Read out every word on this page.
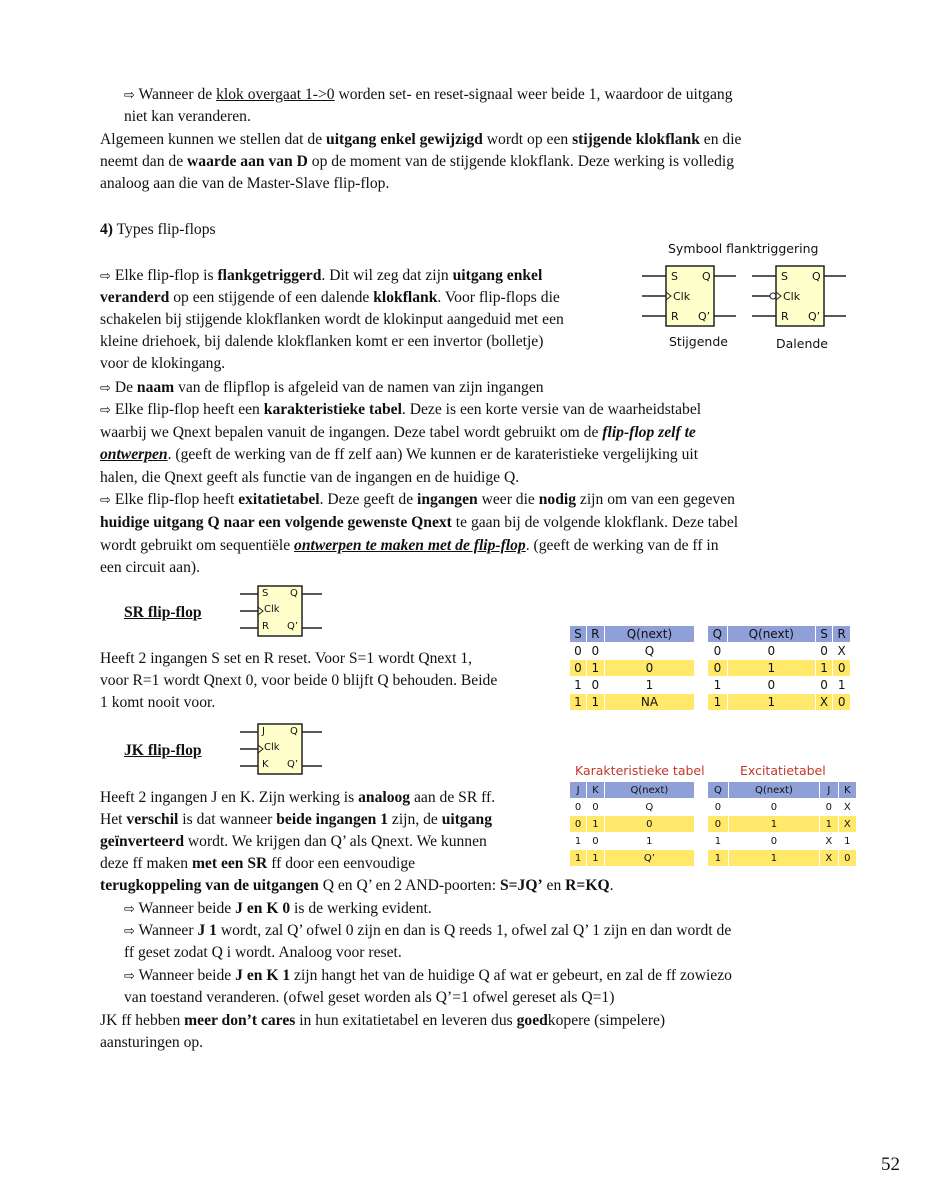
⇨ Wanneer de klok overgaat 1->0 worden set- en reset-signaal weer beide 1, waardoor de uitgang
niet kan veranderen.
Algemeen kunnen we stellen dat de uitgang enkel gewijzigd wordt op een stijgende klokflank en die
neemt dan de waarde aan van D op de moment van de stijgende klokflank. Deze werking is volledig
analoog aan die van de Master-Slave flip-flop.
4) Types flip-flops
Symbool flanktriggering
S Q
Clk
R Q’
S Q
Clk
R Q’
Stijgende	Dalende
⇨ Elke flip-flop is flankgetriggerd. Dit wil zeg dat zijn uitgang enkel
veranderd op een stijgende of een dalende klokflank. Voor flip-flops die
schakelen bij stijgende klokflanken wordt de klokinput aangeduid met een
kleine driehoek, bij dalende klokflanken komt er een invertor (bolletje)
voor de klokingang.
⇨ De naam van de flipflop is afgeleid van de namen van zijn ingangen
⇨ Elke flip-flop heeft een karakteristieke tabel. Deze is een korte versie van de waarheidstabel
waarbij we Qnext bepalen vanuit de ingangen. Deze tabel wordt gebruikt om de flip-flop zelf te
ontwerpen. (geeft de werking van de ff zelf aan) We kunnen er de karateristieke vergelijking uit
halen, die Qnext geeft als functie van de ingangen en de huidige Q.
⇨ Elke flip-flop heeft exitatietabel. Deze geeft de ingangen weer die nodig zijn om van een gegeven
huidige uitgang Q naar een volgende gewenste Qnext te gaan bij de volgende klokflank. Deze tabel
wordt gebruikt om sequentiële ontwerpen te maken met de flip-flop. (geeft de werking van de ff in
een circuit aan).
SR flip-flop
S Q
Clk
R Q’
S	R	Q(next)
0	0	Q
0	1	0
1	0	1
1	1	NA
Q	Q(next)	S	R
0	0	0	X
0	1	1	0
1	0	0	1
1	1	X	0
Heeft 2 ingangen S set en R reset. Voor S=1 wordt Qnext 1,
voor R=1 wordt Qnext 0, voor beide 0 blijft Q behouden. Beide
1 komt nooit voor.
JK flip-flop
J	Q
Clk
K Q’	Karakteristieke tabel	Excitatietabel
J	K	Q(next)
0	0	Q
0	1	0
1	0	1
1	1	Q’
Q	Q(next)	J	K
0	0	0	X
0	1	1	X
1	0	X	1
1	1	X	0
Heeft 2 ingangen J en K. Zijn werking is analoog aan de SR ff.
Het verschil is dat wanneer beide ingangen 1 zijn, de uitgang
geïnverteerd wordt. We krijgen dan Q’ als Qnext. We kunnen
deze ff maken met een SR ff door een eenvoudige
terugkoppeling van de uitgangen Q en Q’ en 2 AND-poorten: S=JQ’ en R=KQ.
⇨ Wanneer beide J en K 0 is de werking evident.
⇨ Wanneer J 1 wordt, zal Q’ ofwel 0 zijn en dan is Q reeds 1, ofwel zal Q’ 1 zijn en dan wordt de
ff geset zodat Q i wordt. Analoog voor reset.
⇨ Wanneer beide J en K 1 zijn hangt het van de huidige Q af wat er gebeurt, en zal de ff zowiezo
van toestand veranderen. (ofwel geset worden als Q’=1 ofwel gereset als Q=1)
JK ff hebben meer don’t cares in hun exitatietabel en leveren dus goedkopere (simpelere)
aansturingen op.
52
